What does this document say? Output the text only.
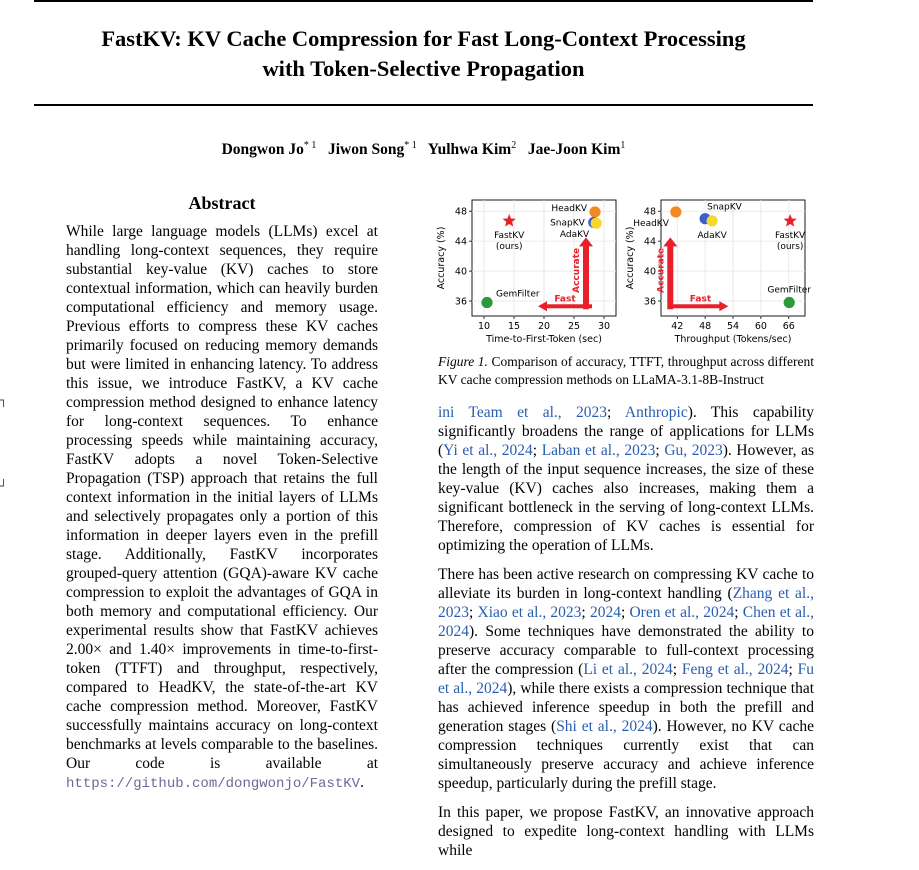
FastKV: KV Cache Compression for Fast Long-Context Processing
with Token-Selective Propagation
Dongwon Jo$^{* 1}$ Jiwon Song$^{* 1}$ Yulhwa Kim$^2$ Jae-Joon Kim$^1$
┐
┘
Abstract

While large language models (LLMs) excel at handling long-context sequences, they require substantial key-value (KV) caches to store contextual information, which can heavily burden computational efficiency and memory usage. Previous efforts to compress these KV caches primarily focused on reducing memory demands but were limited in enhancing latency. To address this issue, we introduce FastKV, a KV cache compression method designed to enhance latency for long-context sequences. To enhance processing speeds while maintaining accuracy, FastKV adopts a novel Token-Selective Propagation (TSP) approach that retains the full context information in the initial layers of LLMs and selectively propagates only a portion of this information in deeper layers even in the prefill stage. Additionally, FastKV incorporates grouped-query attention (GQA)-aware KV cache compression to exploit the advantages of GQA in both memory and computational efficiency. Our experimental results show that FastKV achieves 2.00× and 1.40× improvements in time-to-first-token (TTFT) and throughput, respectively, compared to HeadKV, the state-of-the-art KV cache compression method. Moreover, FastKV successfully maintains accuracy on long-context benchmarks at levels comparable to the baselines. Our code is available at https://github.com/dongwonjo/FastKV.

10 15 20 25 30
36
40
44
48
Time-to-First-Token (sec)
Accuracy (%)
Fast
Accurate
FastKV
(ours)
HeadKV
SnapKV
AdaKV
GemFilter
42 48 54 60 66
36
40
44
48
Throughput (Tokens/sec)
Accuracy (%)
Fast
Accurate
FastKV
(ours)
HeadKV
SnapKV
AdaKV
GemFilter
Figure 1. Comparison of accuracy, TTFT, throughput across different KV cache compression methods on LLaMA-3.1-8B-Instruct

ini Team et al., 2023; Anthropic). This capability significantly broadens the range of applications for LLMs (Yi et al., 2024; Laban et al., 2023; Gu, 2023). However, as the length of the input sequence increases, the size of these key-value (KV) caches also increases, making them a significant bottleneck in the serving of long-context LLMs. Therefore, compression of KV caches is essential for optimizing the operation of LLMs.

There has been active research on compressing KV cache to alleviate its burden in long-context handling (Zhang et al., 2023; Xiao et al., 2023; 2024; Oren et al., 2024; Chen et al., 2024). Some techniques have demonstrated the ability to preserve accuracy comparable to full-context processing after the compression (Li et al., 2024; Feng et al., 2024; Fu et al., 2024), while there exists a compression technique that has achieved inference speedup in both the prefill and generation stages (Shi et al., 2024). However, no KV cache compression techniques currently exist that can simultaneously preserve accuracy and achieve inference speedup, particularly during the prefill stage.

In this paper, we propose FastKV, an innovative approach designed to expedite long-context handling with LLMs while
